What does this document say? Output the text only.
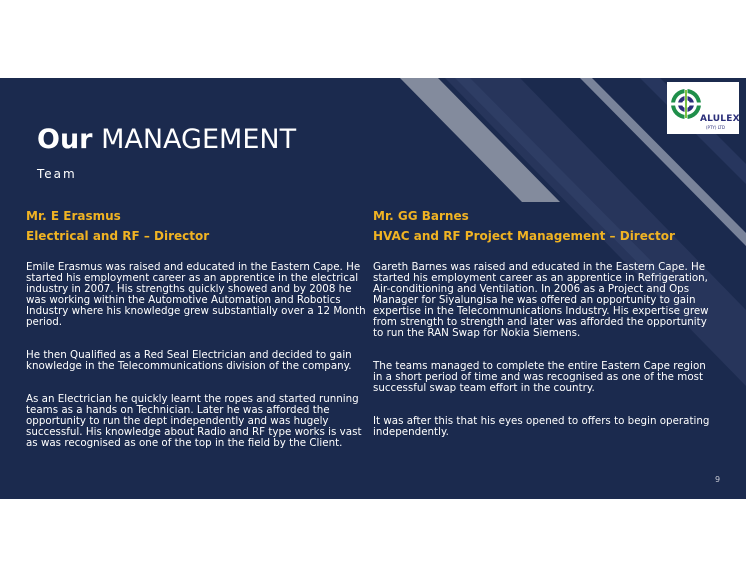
ALULEX
(PTY) LTD
Our MANAGEMENT
Team

Mr. E Erasmus

Electrical and RF – Director

Emile Erasmus was raised and educated in the Eastern Cape. He started his employment career as an apprentice in the electrical industry in 2007. His strengths quickly showed and by 2008 he was working within the Automotive Automation and Robotics Industry where his knowledge grew substantially over a 12 Month period.

He then Qualified as a Red Seal Electrician and decided to gain knowledge in the Telecommunications division of the company.

As an Electrician he quickly learnt the ropes and started running teams as a hands on Technician. Later he was afforded the opportunity to run the dept independently and was hugely successful. His knowledge about Radio and RF type works is vast as was recognised as one of the top in the field by the Client.

Mr. GG Barnes

HVAC and RF Project Management – Director

Gareth Barnes was raised and educated in the Eastern Cape. He started his employment career as an apprentice in Refrigeration, Air-conditioning and Ventilation. In 2006 as a Project and Ops Manager for Siyalungisa he was offered an opportunity to gain expertise in the Telecommunications Industry. His expertise grew from strength to strength and later was afforded the opportunity to run the RAN Swap for Nokia Siemens.

The teams managed to complete the entire Eastern Cape region in a short period of time and was recognised as one of the most successful swap team effort in the country.

It was after this that his eyes opened to offers to begin operating independently.

9
